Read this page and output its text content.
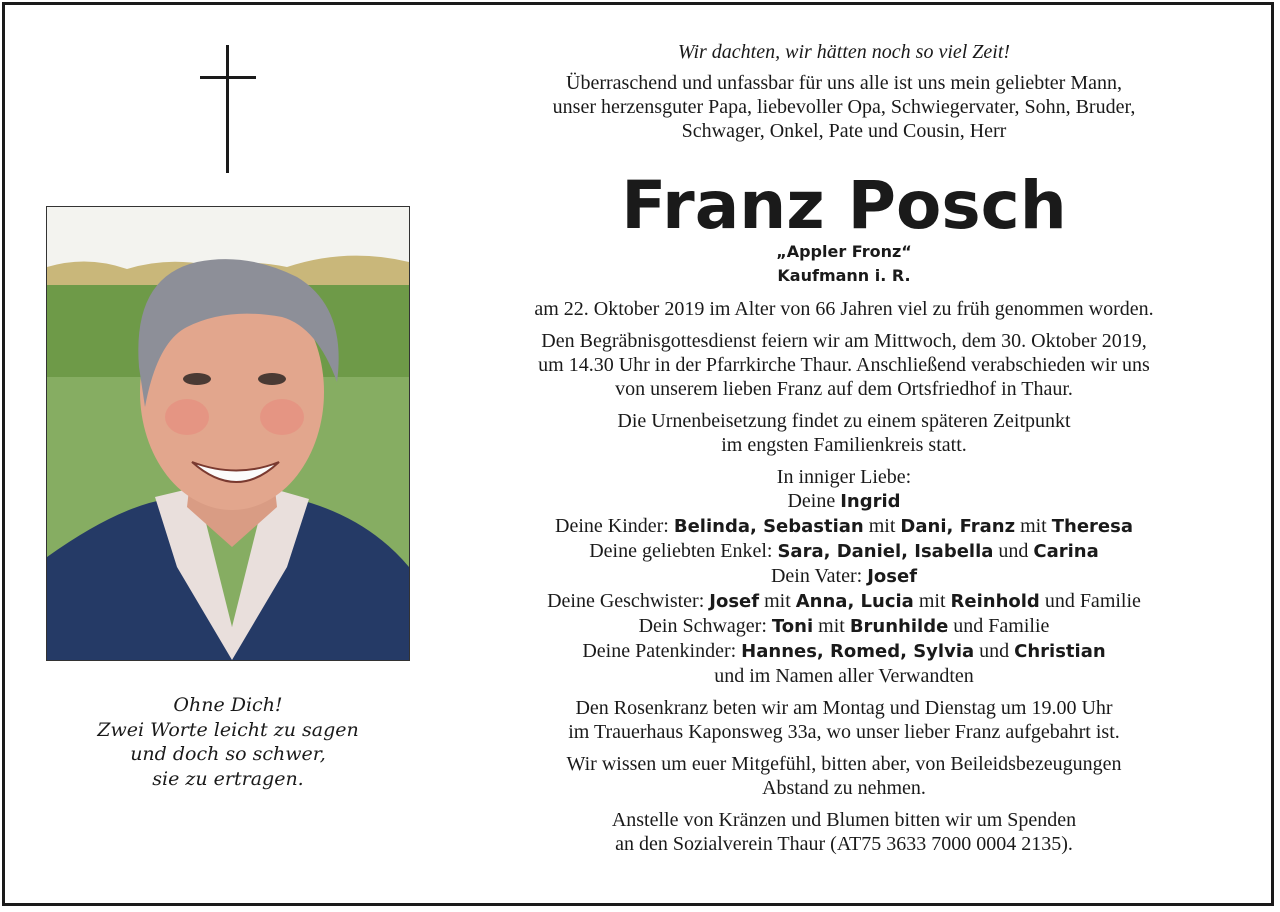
Ohne Dich!
Zwei Worte leicht zu sagen
und doch so schwer,
sie zu ertragen.
Wir dachten, wir hätten noch so viel Zeit!
Überraschend und unfassbar für uns alle ist uns mein geliebter Mann,
unser herzensguter Papa, liebevoller Opa, Schwiegervater, Sohn, Bruder,
Schwager, Onkel, Pate und Cousin, Herr
Franz Posch
„Appler Fronz“
Kaufmann i. R.
am 22. Oktober 2019 im Alter von 66 Jahren viel zu früh genommen worden.
Den Begräbnisgottesdienst feiern wir am Mittwoch, dem 30. Oktober 2019,
um 14.30 Uhr in der Pfarrkirche Thaur. Anschließend verabschieden wir uns
von unserem lieben Franz auf dem Ortsfriedhof in Thaur.
Die Urnenbeisetzung findet zu einem späteren Zeitpunkt
im engsten Familienkreis statt.
In inniger Liebe:
Deine Ingrid
Deine Kinder: Belinda, Sebastian mit Dani, Franz mit Theresa
Deine geliebten Enkel: Sara, Daniel, Isabella und Carina
Dein Vater: Josef
Deine Geschwister: Josef mit Anna, Lucia mit Reinhold und Familie
Dein Schwager: Toni mit Brunhilde und Familie
Deine Patenkinder: Hannes, Romed, Sylvia und Christian
und im Namen aller Verwandten
Den Rosenkranz beten wir am Montag und Dienstag um 19.00 Uhr
im Trauerhaus Kaponsweg 33a, wo unser lieber Franz aufgebahrt ist.
Wir wissen um euer Mitgefühl, bitten aber, von Beileidsbezeugungen
Abstand zu nehmen.
Anstelle von Kränzen und Blumen bitten wir um Spenden
an den Sozialverein Thaur (AT75 3633 7000 0004 2135).
